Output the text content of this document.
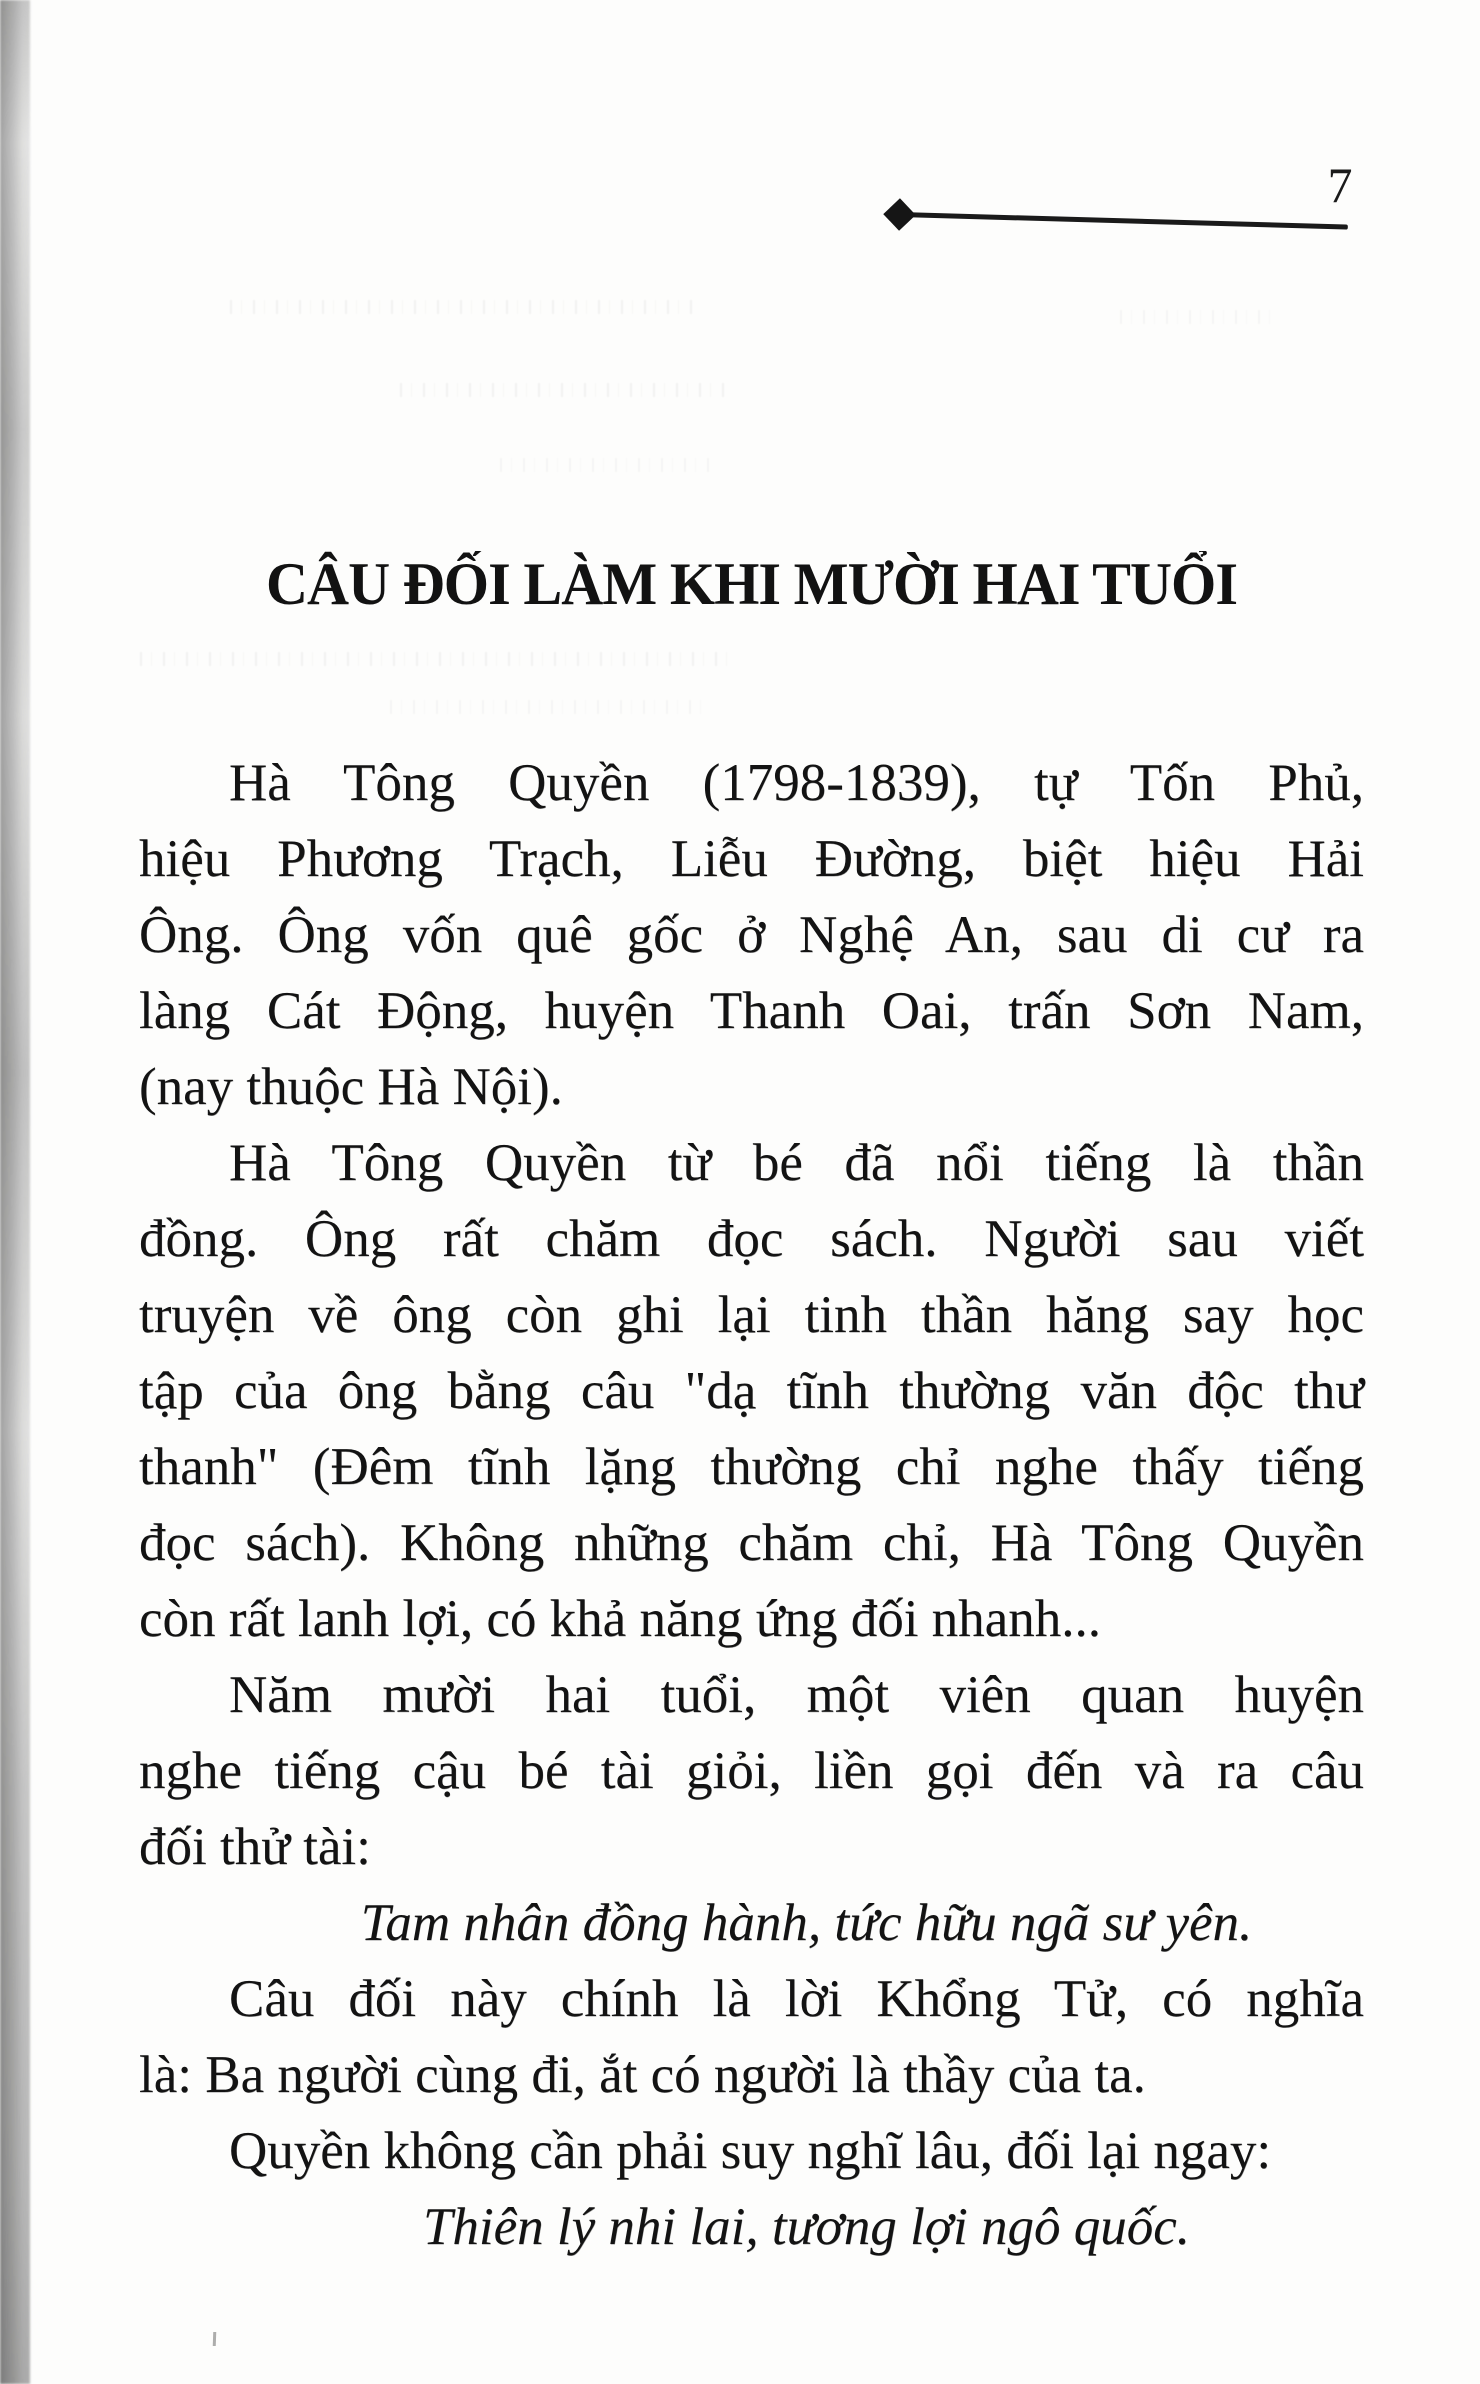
7
CÂU ĐỐI LÀM KHI MƯỜI HAI TUỔI
Hà Tông Quyền (1798-1839), tự Tốn Phủ,
hiệu Phương Trạch, Liễu Đường, biệt hiệu Hải
Ông. Ông vốn quê gốc ở Nghệ An, sau di cư ra
làng Cát Động, huyện Thanh Oai, trấn Sơn Nam,
(nay thuộc Hà Nội).
Hà Tông Quyền từ bé đã nổi tiếng là thần
đồng. Ông rất chăm đọc sách. Người sau viết
truyện về ông còn ghi lại tinh thần hăng say học
tập của ông bằng câu "dạ tĩnh thường văn độc thư
thanh" (Đêm tĩnh lặng thường chỉ nghe thấy tiếng
đọc sách). Không những chăm chỉ, Hà Tông Quyền
còn rất lanh lợi, có khả năng ứng đối nhanh...
Năm mười hai tuổi, một viên quan huyện
nghe tiếng cậu bé tài giỏi, liền gọi đến và ra câu
đối thử tài:
Tam nhân đồng hành, tức hữu ngã sư yên.
Câu đối này chính là lời Khổng Tử, có nghĩa
là: Ba người cùng đi, ắt có người là thầy của ta.
Quyền không cần phải suy nghĩ lâu, đối lại ngay:
Thiên lý nhi lai, tương lợi ngô quốc.
